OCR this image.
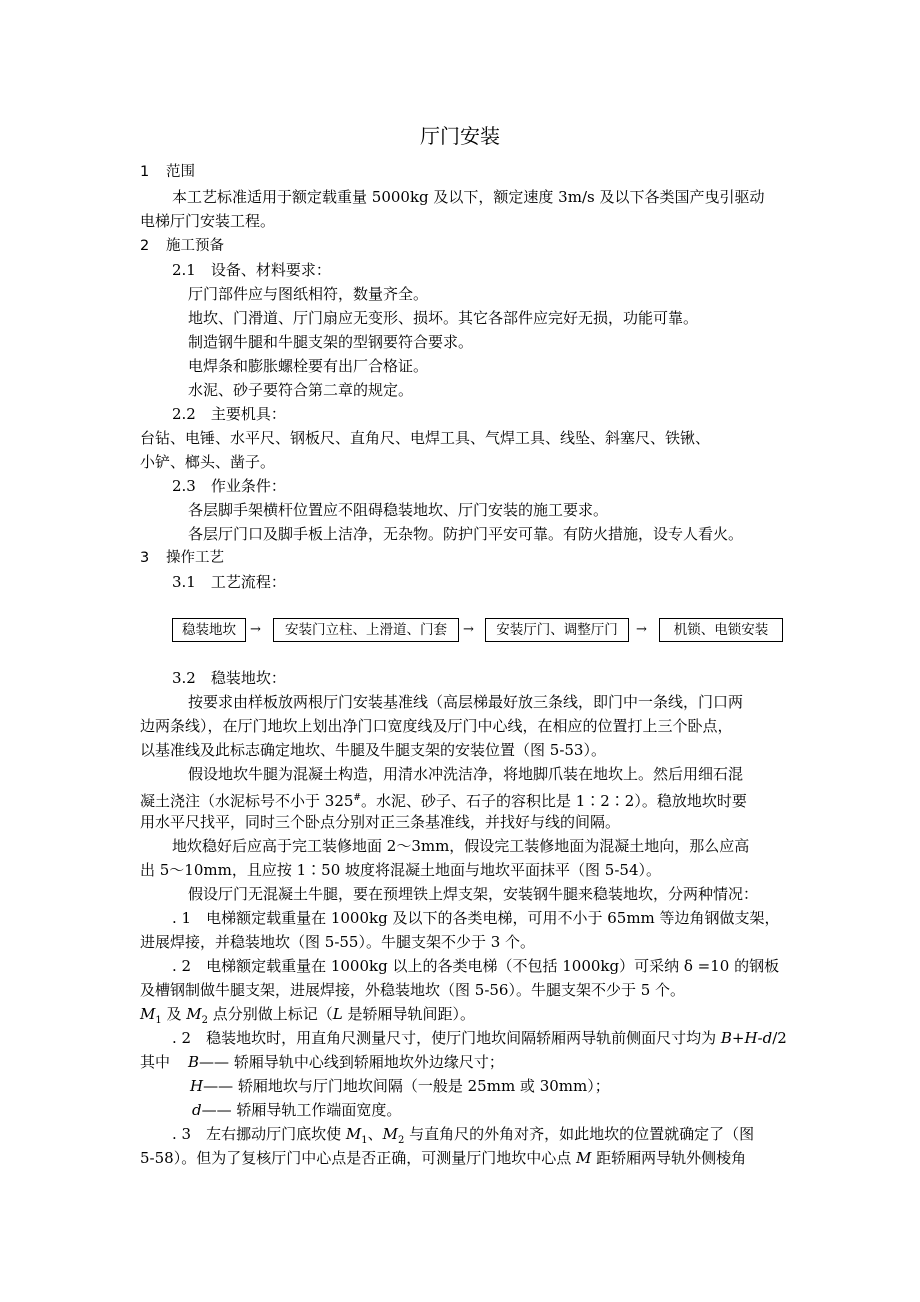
厅门安装
1 范围
本工艺标准适用于额定载重量 5000kg 及以下，额定速度 3m/s 及以下各类国产曳引驱动
电梯厅门安装工程。
2 施工预备
2.1　设备、材料要求：
厅门部件应与图纸相符，数量齐全。
地坎、门滑道、厅门扇应无变形、损坏。其它各部件应完好无损，功能可靠。
制造钢牛腿和牛腿支架的型钢要符合要求。
电焊条和膨胀螺栓要有出厂合格证。
水泥、砂子要符合第二章的规定。
2.2　主要机具：
台钻、电锤、水平尺、钢板尺、直角尺、电焊工具、气焊工具、线坠、斜塞尺、铁锹、
小铲、榔头、凿子。
2.3　作业条件：
各层脚手架横杆位置应不阻碍稳装地坎、厅门安装的施工要求。
各层厅门口及脚手板上洁净，无杂物。防护门平安可靠。有防火措施，设专人看火。
3 操作工艺
3.1　工艺流程：
稳装地坎	→	安装门立柱、上滑道、门套	→	安装厅门、调整厅门	→	机锁、电锁安装
3.2　稳装地坎：
按要求由样板放两根厅门安装基准线（高层梯最好放三条线，即门中一条线，门口两
边两条线），在厅门地坎上划出净门口宽度线及厅门中心线，在相应的位置打上三个卧点，
以基准线及此标志确定地坎、牛腿及牛腿支架的安装位置（图 5-53）。
假设地坎牛腿为混凝土构造，用清水冲洗洁净，将地脚爪装在地坎上。然后用细石混
凝土浇注（水泥标号不小于 325#。水泥、砂子、石子的容积比是 1∶2∶2）。稳放地坎时要
用水平尺找平，同时三个卧点分别对正三条基准线，并找好与线的间隔。
地炊稳好后应高于完工装修地面 2～3mm，假设完工装修地面为混凝土地向，那么应高
出 5～10mm，且应按 1∶50 坡度将混凝土地面与地坎平面抹平（图 5-54）。
假设厅门无混凝土牛腿，要在预埋铁上焊支架，安装钢牛腿来稳装地坎，分两种情况：
. 1　电梯额定载重量在 1000kg 及以下的各类电梯，可用不小于 65mm 等边角钢做支架，
进展焊接，并稳装地坎（图 5-55）。牛腿支架不少于 3 个。
. 2　电梯额定载重量在 1000kg 以上的各类电梯（不包括 1000kg）可采纳 δ =10 的钢板
及槽钢制做牛腿支架，进展焊接，外稳装地坎（图 5-56）。牛腿支架不少于 5 个。
$M_1$ 及 $M_2$ 点分别做上标记（L 是轿厢导轨间距）。
. 2　稳装地坎时，用直角尺测量尺寸，使厅门地坎间隔轿厢两导轨前侧面尺寸均为 B+H-d/2
其中 B—— 轿厢导轨中心线到轿厢地坎外边缘尺寸；
H—— 轿厢地坎与厅门地坎间隔（一般是 25mm 或 30mm）；
d—— 轿厢导轨工作端面宽度。
. 3　左右挪动厅门底坎使 $M_1$、$M_2$ 与直角尺的外角对齐，如此地坎的位置就确定了（图
5-58）。但为了复核厅门中心点是否正确，可测量厅门地坎中心点 M 距轿厢两导轨外侧棱角
